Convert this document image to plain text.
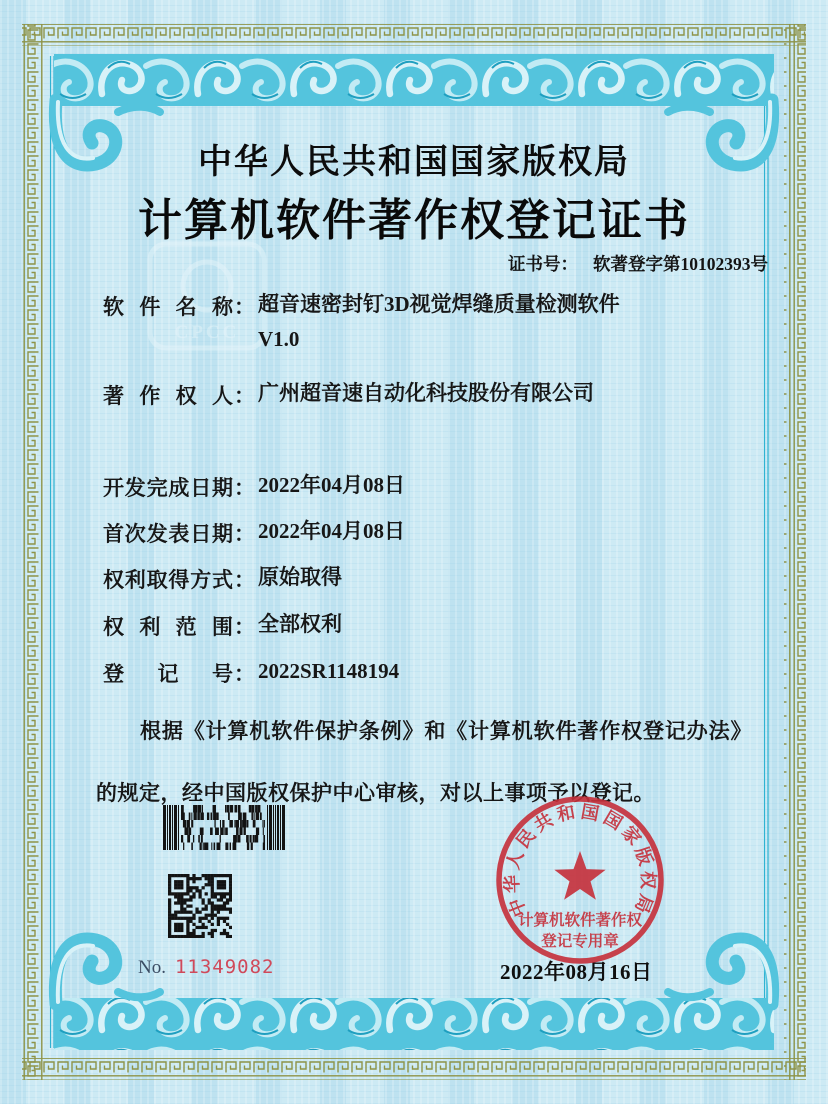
CPCC
中华人民共和国国家版权局
计算机软件著作权登记证书
证书号： 软著登字第10102393号
软 件 名 称 ： 超音速密封钉3D视觉焊缝质量检测软件
V1.0
著 作 权 人 ： 广州超音速自动化科技股份有限公司
开 发 完 成 日 期 ： 2022年04月08日
首 次 发 表 日 期 ： 2022年04月08日
权 利 取 得 方 式 ： 原始取得
权 利 范 围 ： 全部权利
登 记 号 ： 2022SR1148194

根据《计算机软件保护条例》和《计算机软件著作权登记办法》的规定，经中国版权保护中心审核，对以上事项予以登记。

No. 11349082	2022年08月16日
中华人民共和国国家版权局
计算机软件著作权
登记专用章
